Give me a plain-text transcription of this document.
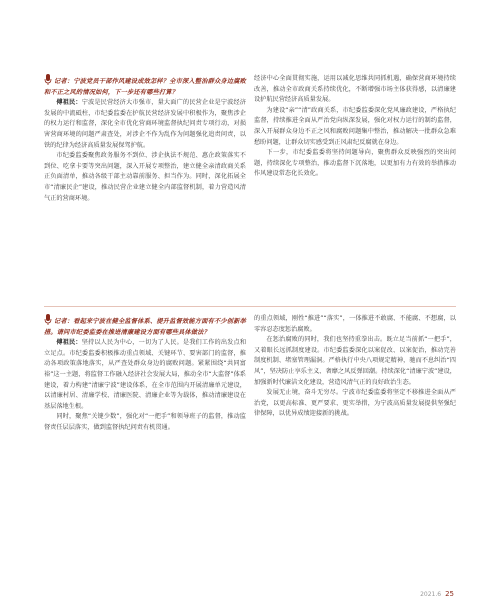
记者：宁波党员干部作风建设成效怎样？全市深入整治群众身边腐败和不正之风的情况如何，下一步还有哪些打算？

傅祖民：宁波是民营经济大市强市，量大面广的民营企业是宁波经济发展的中流砥柱，市纪委监委在护航民营经济发展中积极作为，聚焦涉企的权力运行和监督，深化全市优化营商环境监督执纪问责专项行动，对损害营商环境的问题严肃查处，对涉企不作为乱作为问题强化追责问责，以铁的纪律为经济高质量发展保驾护航。

市纪委监委聚焦政务服务不到位、涉企执法不规范、惠企政策落实不到位、吃拿卡要等突出问题，深入开展专项整治，建立健全亲清政商关系正负面清单，推动各级干部主动靠前服务、担当作为。同时，深化拓展全市“清廉民企”建设，推动民营企业建立健全内部监督机制，着力营造风清气正的营商环境。

经济中心全面贯彻实施，运用以减化思维共同抓机遇，确保营商环境持续改善，推动全市政商关系持续优化，不断增强市场主体获得感，以清廉建设护航民营经济高质量发展。

为建设“亲”“清”政商关系，市纪委监委深化党风廉政建设，严格执纪监督，持续推进全面从严治党向纵深发展，强化对权力运行的制约监督，深入开展群众身边不正之风和腐败问题集中整治，推动解决一批群众急难愁盼问题，让群众切实感受到正风肃纪反腐就在身边。

下一步，市纪委监委将坚持问题导向，聚焦群众反映强烈的突出问题，持续深化专项整治，推动监督下沉落地，以更加有力有效的举措推动作风建设常态化长效化。

记者：看起来宁波在健全监督体系、提升监督效能方面有不少创新举措。请问市纪委监委在推进清廉建设方面有哪些具体做法？

傅祖民：坚持以人民为中心，一切为了人民。是我们工作的出发点和立足点。市纪委监委积极推动重点领域、关键环节、要害部门的监督，推动各项政策落地落实，从严查处群众身边的腐败问题。紧紧围绕“共同富裕”这一主题，将监督工作融入经济社会发展大局，推动全市“大监督”体系建设，着力构建“清廉宁波”建设体系，在全市范围内开展清廉单元建设，以清廉村居、清廉学校、清廉医院、清廉企业等为载体，推动清廉建设在基层落地生根。

同时，聚焦“关键少数”，强化对“一把手”和领导班子的监督，推动监督责任层层落实，做到监督执纪问责有机贯通。

的重点领域，刚性“推进”“落实”，一体推进不敢腐、不能腐、不想腐，以零容忍态度惩治腐败。

在惩治腐败的同时，我们也坚持重拳出击。既立足当前抓“一把手”，又着眼长远抓制度建设。市纪委监委深化以案促改、以案促治，推动完善制度机制、堵塞管理漏洞。严格执行中央八项规定精神，驰而不息纠治“四风”，坚决防止享乐主义、奢靡之风反弹回潮。持续深化“清廉宁波”建设，加强新时代廉洁文化建设，营造风清气正的良好政治生态。

发展无止境，奋斗无穷尽。宁波市纪委监委将坚定不移推进全面从严治党，以更高标准、更严要求、更实举措，为宁波高质量发展提供坚强纪律保障，以优异成绩迎接新的挑战。

2021.6 25
